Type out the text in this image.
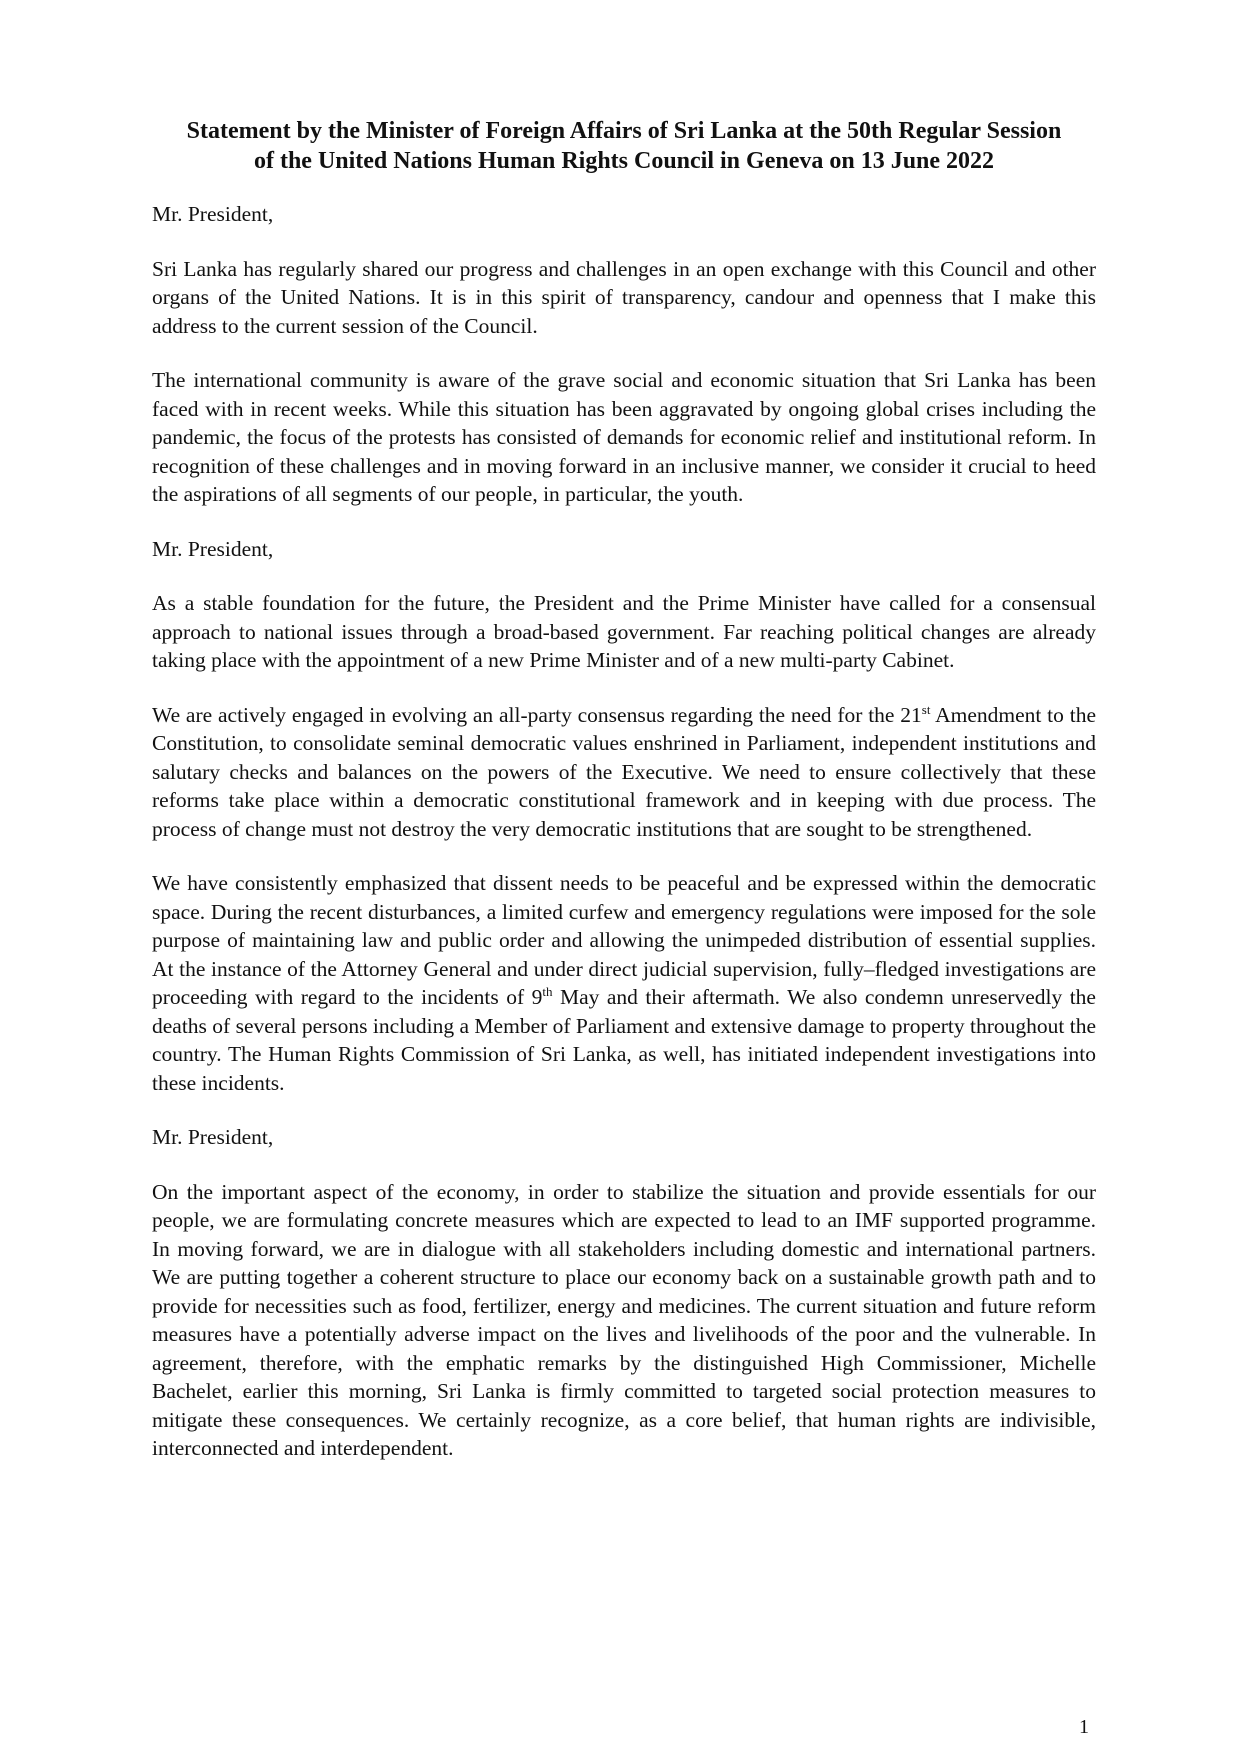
Statement by the Minister of Foreign Affairs of Sri Lanka at the 50th Regular Session of the United Nations Human Rights Council in Geneva on 13 June 2022

Mr. President,

Sri Lanka has regularly shared our progress and challenges in an open exchange with this Council and other organs of the United Nations. It is in this spirit of transparency, candour and openness that I make this address to the current session of the Council.

The international community is aware of the grave social and economic situation that Sri Lanka has been faced with in recent weeks. While this situation has been aggravated by ongoing global crises including the pandemic, the focus of the protests has consisted of demands for economic relief and institutional reform. In recognition of these challenges and in moving forward in an inclusive manner, we consider it crucial to heed the aspirations of all segments of our people, in particular, the youth.

Mr. President,

As a stable foundation for the future, the President and the Prime Minister have called for a consensual approach to national issues through a broad-based government. Far reaching political changes are already taking place with the appointment of a new Prime Minister and of a new multi-party Cabinet.

We are actively engaged in evolving an all-party consensus regarding the need for the 21st Amendment to the Constitution, to consolidate seminal democratic values enshrined in Parliament, independent institutions and salutary checks and balances on the powers of the Executive. We need to ensure collectively that these reforms take place within a democratic constitutional framework and in keeping with due process. The process of change must not destroy the very democratic institutions that are sought to be strengthened.

We have consistently emphasized that dissent needs to be peaceful and be expressed within the democratic space. During the recent disturbances, a limited curfew and emergency regulations were imposed for the sole purpose of maintaining law and public order and allowing the unimpeded distribution of essential supplies. At the instance of the Attorney General and under direct judicial supervision, fully–fledged investigations are proceeding with regard to the incidents of 9th May and their aftermath. We also condemn unreservedly the deaths of several persons including a Member of Parliament and extensive damage to property throughout the country. The Human Rights Commission of Sri Lanka, as well, has initiated independent investigations into these incidents.

Mr. President,

On the important aspect of the economy, in order to stabilize the situation and provide essentials for our people, we are formulating concrete measures which are expected to lead to an IMF supported programme. In moving forward, we are in dialogue with all stakeholders including domestic and international partners. We are putting together a coherent structure to place our economy back on a sustainable growth path and to provide for necessities such as food, fertilizer, energy and medicines. The current situation and future reform measures have a potentially adverse impact on the lives and livelihoods of the poor and the vulnerable. In agreement, therefore, with the emphatic remarks by the distinguished High Commissioner, Michelle Bachelet, earlier this morning, Sri Lanka is firmly committed to targeted social protection measures to mitigate these consequences. We certainly recognize, as a core belief, that human rights are indivisible, interconnected and interdependent.

1
